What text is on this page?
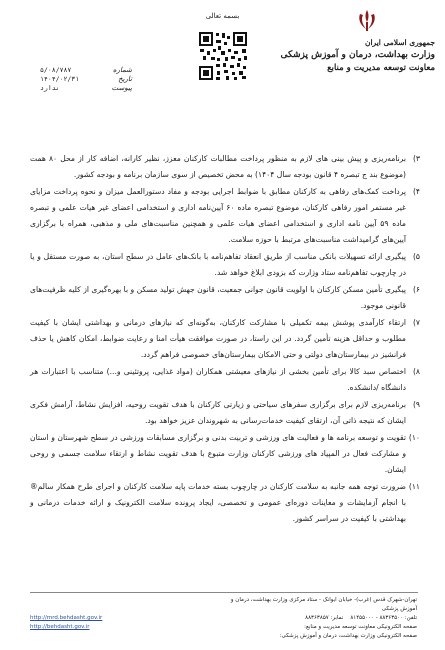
بسمه تعالی
جمهوری اسلامی ایران
وزارت بهداشت، درمان و آموزش پزشکی
معاونت توسعه مدیریت و منابع
شماره
۵/۰۸/۷۸۷
تاریخ
۱۴۰۴/۰۲/۳۱
پیوست
ندارد
۳)
برنامه‌ریزی و پیش بینی های لازم به منظور پرداخت مطالبات کارکنان معزز، نظیر کارانه، اضافه کار از محل ۸۰ همت (موضوع بند ج تبصره ۴ قانون بودجه سال ۱۴۰۴) به محض تخصیص از سوی سازمان برنامه و بودجه کشور.
۴)
پرداخت کمک‌های رفاهی به کارکنان مطابق با ضوابط اجرایی بودجه و مفاد دستورالعمل میزان و نحوه پرداخت مزایای غیر مستمر امور رفاهی کارکنان، موضوع تبصره ماده ۶۰ آیین‌نامه اداری و استخدامی اعضای غیر هیات علمی و تبصره ماده ۵۹ آیین نامه اداری و استخدامی اعضای هیات علمی و همچنین مناسبت‌های ملی و مذهبی، همراه با برگزاری آیین‌های گرامیداشت مناسبت‌های مرتبط با حوزه سلامت.
۵)
پیگیری ارائه تسهیلات بانکی مناسب از طریق انعقاد تفاهم‌نامه با بانک‌های عامل در سطح استان، به صورت مستقل و یا در چارچوب تفاهم‌نامه ستاد وزارت که بزودی ابلاغ خواهد شد.
۶)
پیگیری تأمین مسکن کارکنان با اولویت قانون جوانی جمعیت، قانون جهش تولید مسکن و با بهره‌گیری از کلیه ظرفیت‌های قانونی موجود.
۷)
ارتقاء کارآمدی پوشش بیمه تکمیلی با مشارکت کارکنان، به‌گونه‌ای که نیازهای درمانی و بهداشتی ایشان با کیفیت مطلوب و حداقل هزینه تأمین گردد. در این راستا، در صورت موافقت هیأت امنا و رعایت ضوابط، امکان کاهش یا حذف فرانشیز در بیمارستان‌های دولتی و حتی الامکان بیمارستان‌های خصوصی فراهم گردد.
۸)
اختصاص سبد کالا برای تأمین بخشی از نیازهای معیشتی همکاران (مواد غذایی، پروتئینی و...) متناسب با اعتبارات هر دانشگاه /دانشکده.
۹)
برنامه‌ریزی لازم برای برگزاری سفرهای سیاحتی و زیارتی کارکنان با هدف تقویت روحیه، افزایش نشاط، آرامش فکری ایشان که نتیجه ذاتی آن، ارتقای کیفیت خدمات‌رسانی به شهروندان عزیز خواهد بود.
۱۰)
تقویت و توسعه برنامه ها و فعالیت های ورزشی و تربیت بدنی و برگزاری مسابقات ورزشی در سطح شهرستان و استان و مشارکت فعال در المپیاد های ورزشی کارکنان وزارت متبوع با هدف تقویت نشاط و ارتقاء سلامت جسمی و روحی ایشان.
۱۱)
ضرورت توجه همه جانبه به سلامت کارکنان در چارچوب بسته خدمات پایه سلامت کارکنان و اجرای طرح همکار سالم® با انجام آزمایشات و معاینات دوره‌ای عمومی و تخصصی، ایجاد پرونده سلامت الکترونیک و ارائه خدمات درمانی و بهداشتی با کیفیت در سراسر کشور.
تهران-شهرک قدس (غرب)- خیابان ایوانک - ستاد مرکزی وزارت بهداشت، درمان و آموزش پزشکی
تلفن: ۸۸۳۶۳۵۰۰ - ۸۱۴۵۵۰۰۰    نمابر: ۸۸۳۶۳۸۵۷
صفحه الکترونیکی معاونت توسعه مدیریت و منابع:
صفحه الکترونیکی وزارت بهداشت، درمان و آموزش پزشکی:

http://mrd.behdasht.gov.ir
http://behdasht.gov.ir
